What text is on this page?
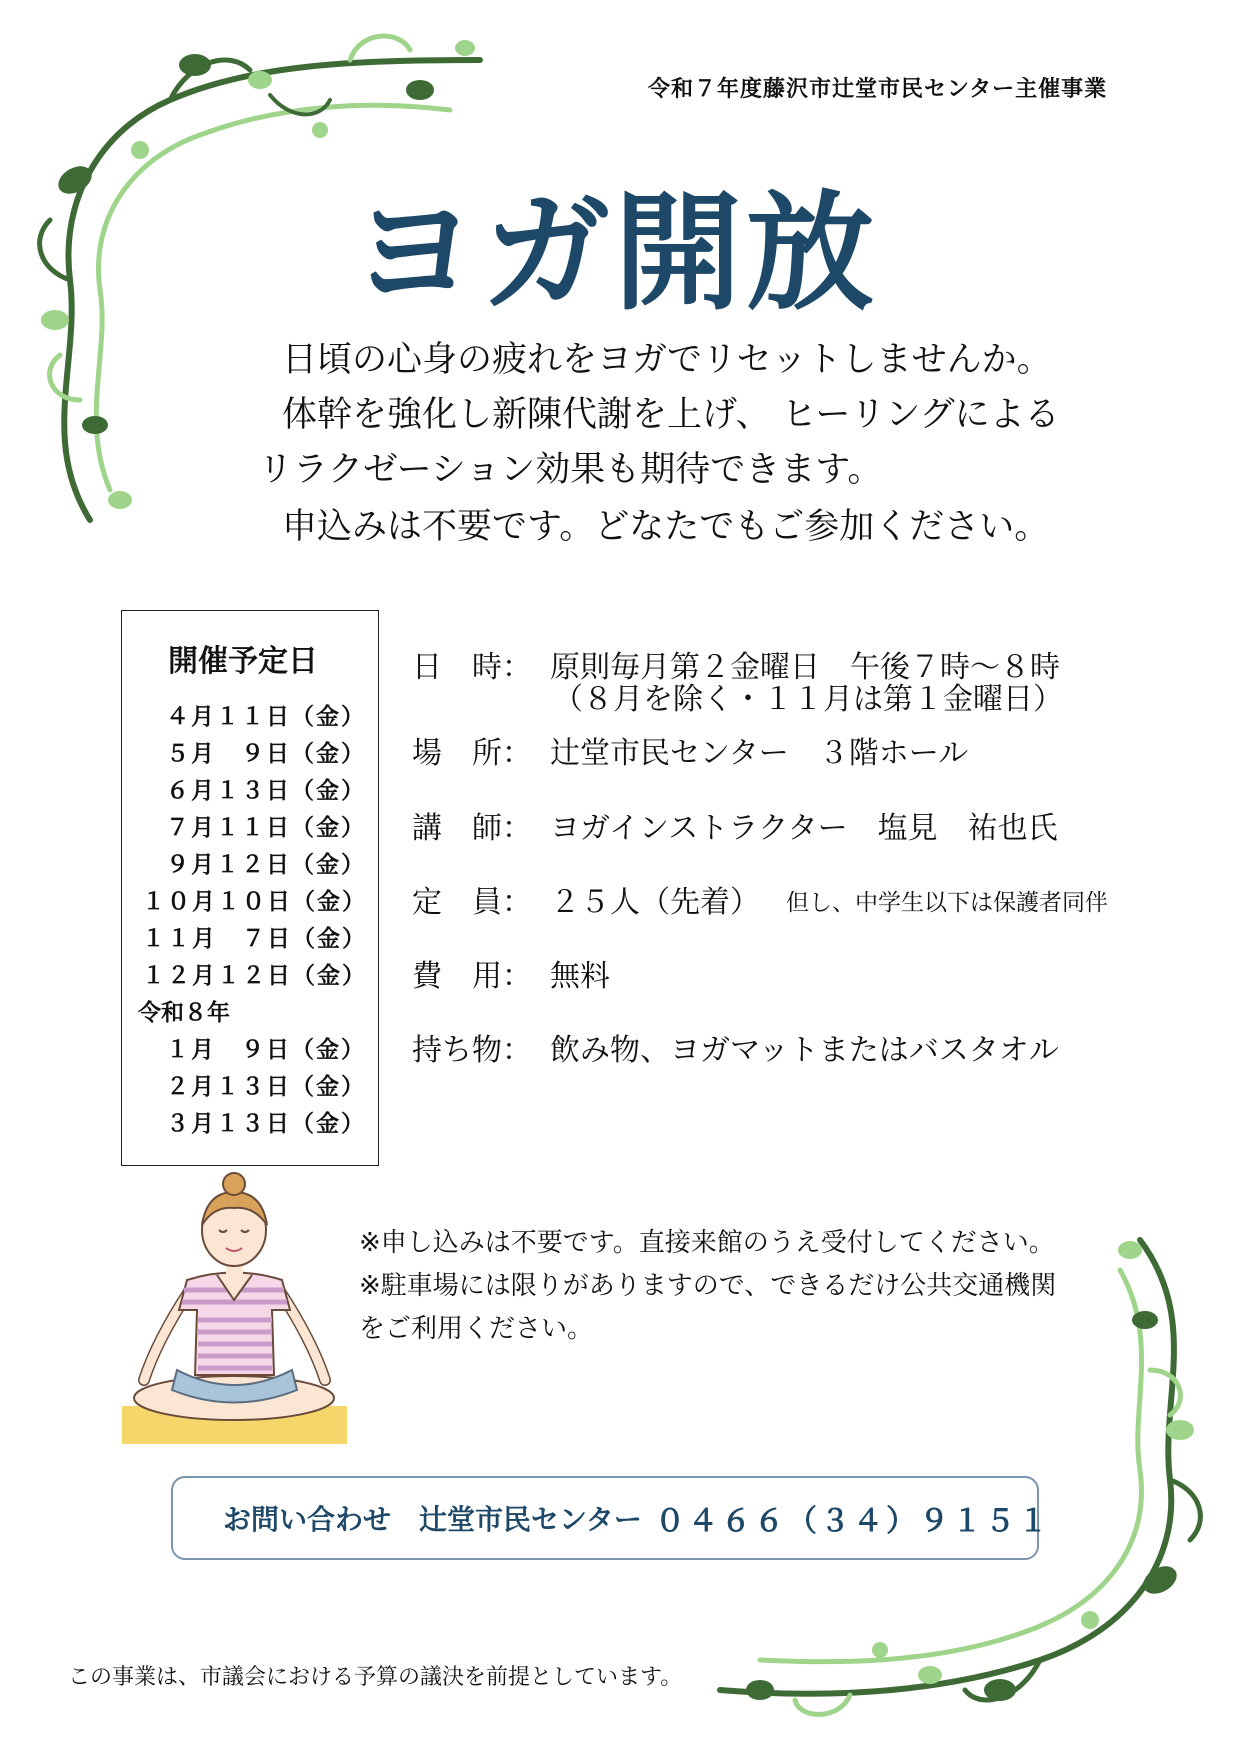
令和７年度藤沢市辻堂市民センター主催事業
ヨガ開放
日頃の心身の疲れをヨガでリセットしませんか。
体幹を強化し新陳代謝を上げ、 ヒーリングによる
リラクゼーション効果も期待できます。
申込みは不要です。どなたでもご参加ください。
開催予定日
４月１１日（金）
５月　９日（金）
６月１３日（金）
７月１１日（金）
９月１２日（金）
１０月１０日（金）
１１月　７日（金）
１２月１２日（金）
令和８年
１月　９日（金）
２月１３日（金）
３月１３日（金）
日　時： 原則毎月第２金曜日　午後７時～８時
（８月を除く・１１月は第１金曜日）
場　所： 辻堂市民センター　３階ホール
講　師： ヨガインストラクター　塩見　祐也氏
定　員： ２５人（先着） 但し、中学生以下は保護者同伴
費　用： 無料
持ち物： 飲み物、ヨガマットまたはバスタオル
※申し込みは不要です。直接来館のうえ受付してください。
※駐車場には限りがありますので、できるだけ公共交通機関
をご利用ください。
お問い合わせ　辻堂市民センター ０４６６（３４）９１５１
この事業は、市議会における予算の議決を前提としています。
